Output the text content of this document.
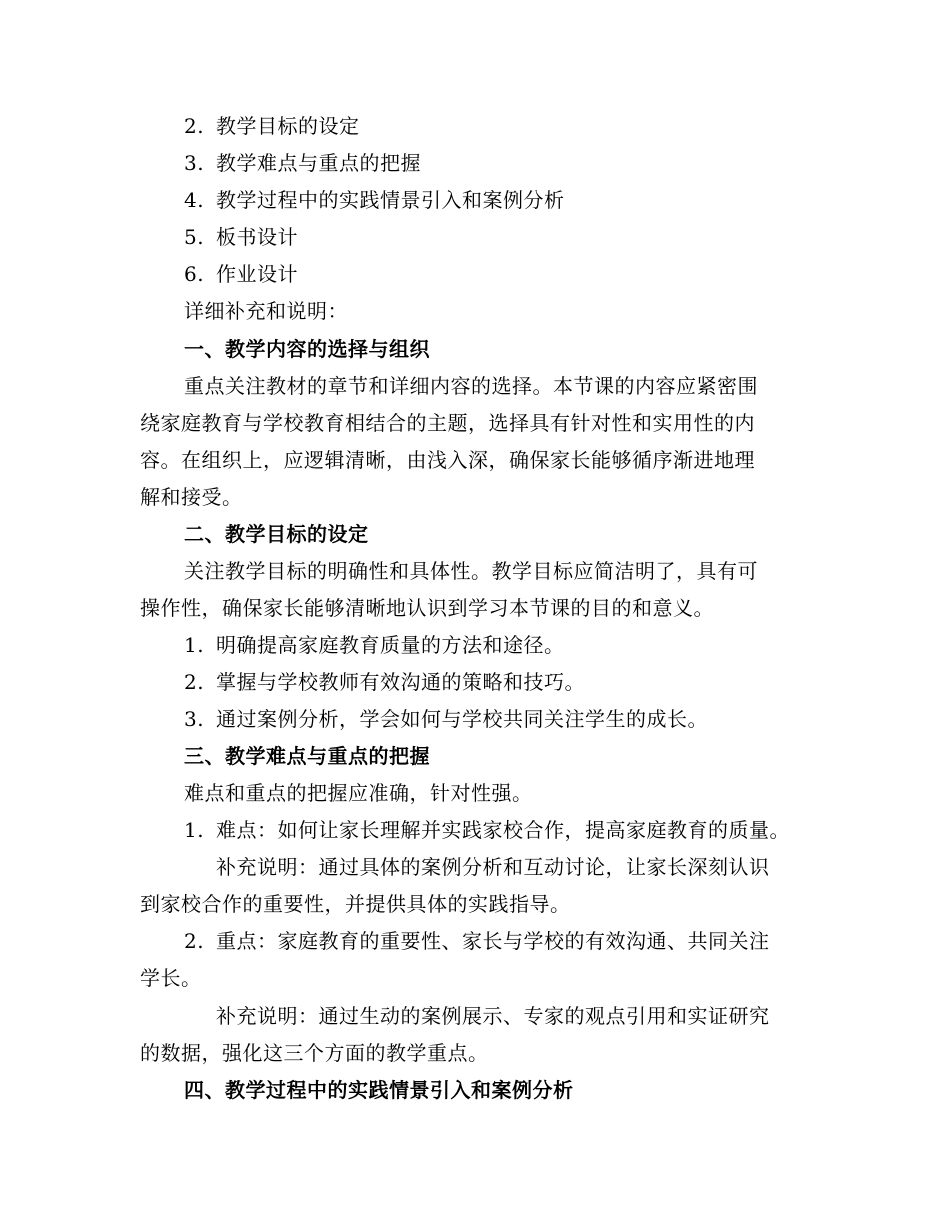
2. 教学目标的设定
3. 教学难点与重点的把握
4. 教学过程中的实践情景引入和案例分析
5. 板书设计
6. 作业设计
详细补充和说明：
一、教学内容的选择与组织
重点关注教材的章节和详细内容的选择。本节课的内容应紧密围
绕家庭教育与学校教育相结合的主题，选择具有针对性和实用性的内
容。在组织上，应逻辑清晰，由浅入深，确保家长能够循序渐进地理
解和接受。
二、教学目标的设定
关注教学目标的明确性和具体性。教学目标应简洁明了，具有可
操作性，确保家长能够清晰地认识到学习本节课的目的和意义。
1. 明确提高家庭教育质量的方法和途径。
2. 掌握与学校教师有效沟通的策略和技巧。
3. 通过案例分析，学会如何与学校共同关注学生的成长。
三、教学难点与重点的把握
难点和重点的把握应准确，针对性强。
1. 难点：如何让家长理解并实践家校合作，提高家庭教育的质量。
补充说明：通过具体的案例分析和互动讨论，让家长深刻认识
到家校合作的重要性，并提供具体的实践指导。
2. 重点：家庭教育的重要性、家长与学校的有效沟通、共同关注
学长。
补充说明：通过生动的案例展示、专家的观点引用和实证研究
的数据，强化这三个方面的教学重点。
四、教学过程中的实践情景引入和案例分析
